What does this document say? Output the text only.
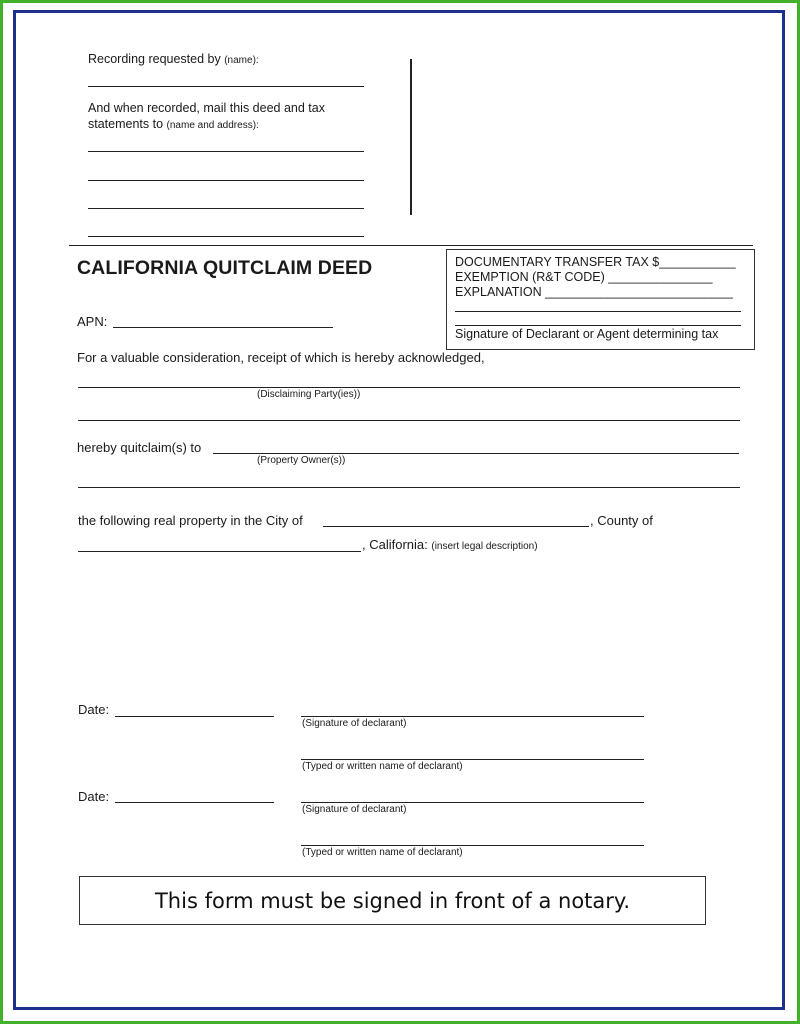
Recording requested by (name):
And when recorded, mail this deed and tax
statements to (name and address):
CALIFORNIA QUITCLAIM DEED	DOCUMENTARY TRANSFER TAX $___________
EXEMPTION (R&T CODE) _______________
EXPLANATION ___________________________
Signature of Declarant or Agent determining tax
APN:
For a valuable consideration, receipt of which is hereby acknowledged,
(Disclaiming Party(ies))
hereby quitclaim(s) to
(Property Owner(s))
the following real property in the City of	, County of
, California: (insert legal description)
Date:
(Signature of declarant)
(Typed or written name of declarant)
Date:
(Signature of declarant)
(Typed or written name of declarant)
This form must be signed in front of a notary.
